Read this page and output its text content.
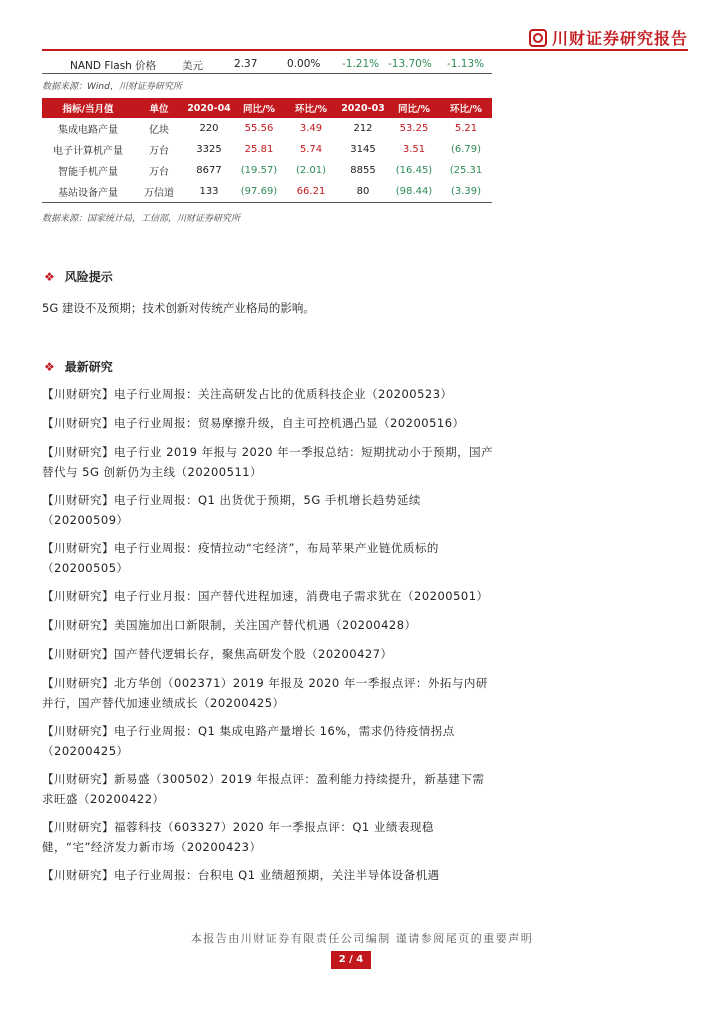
川财证券研究报告
NAND Flash 价格 美元	2.37	0.00% -1.21% -13.70% -1.13%
数据来源：Wind，川财证券研究所
指标/当月值	单位	2020-04	同比/%	环比/%	2020-03	同比/%	环比/%
集成电路产量	亿块	220	55.56	3.49	212	53.25	5.21
电子计算机产量	万台	3325	25.81	5.74	3145	3.51	(6.79)
智能手机产量	万台	8677	(19.57)	(2.01)	8855	(16.45)	(25.31
基站设备产量	万信道	133	(97.69)	66.21	80	(98.44)	(3.39)
数据来源：国家统计局，工信部，川财证券研究所
❖ 风险提示
5G 建设不及预期；技术创新对传统产业格局的影响。
❖ 最新研究
【川财研究】电子行业周报：关注高研发占比的优质科技企业（20200523）
【川财研究】电子行业周报：贸易摩擦升级，自主可控机遇凸显（20200516）
【川财研究】电子行业 2019 年报与 2020 年一季报总结：短期扰动小于预期，国产替代与 5G 创新仍为主线（20200511）
【川财研究】电子行业周报：Q1 出货优于预期，5G 手机增长趋势延续（20200509）
【川财研究】电子行业周报：疫情拉动“宅经济”，布局苹果产业链优质标的（20200505）
【川财研究】电子行业月报：国产替代进程加速，消费电子需求犹在（20200501）
【川财研究】美国施加出口新限制，关注国产替代机遇（20200428）
【川财研究】国产替代逻辑长存，聚焦高研发个股（20200427）
【川财研究】北方华创（002371）2019 年报及 2020 年一季报点评：外拓与内研并行，国产替代加速业绩成长（20200425）
【川财研究】电子行业周报：Q1 集成电路产量增长 16%，需求仍待疫情拐点（20200425）
【川财研究】新易盛（300502）2019 年报点评：盈利能力持续提升，新基建下需求旺盛（20200422）
【川财研究】福蓉科技（603327）2020 年一季报点评：Q1 业绩表现稳健，“宅”经济发力新市场（20200423）
【川财研究】电子行业周报：台积电 Q1 业绩超预期，关注半导体设备机遇
本报告由川财证券有限责任公司编制 谨请参阅尾页的重要声明
2 / 4
